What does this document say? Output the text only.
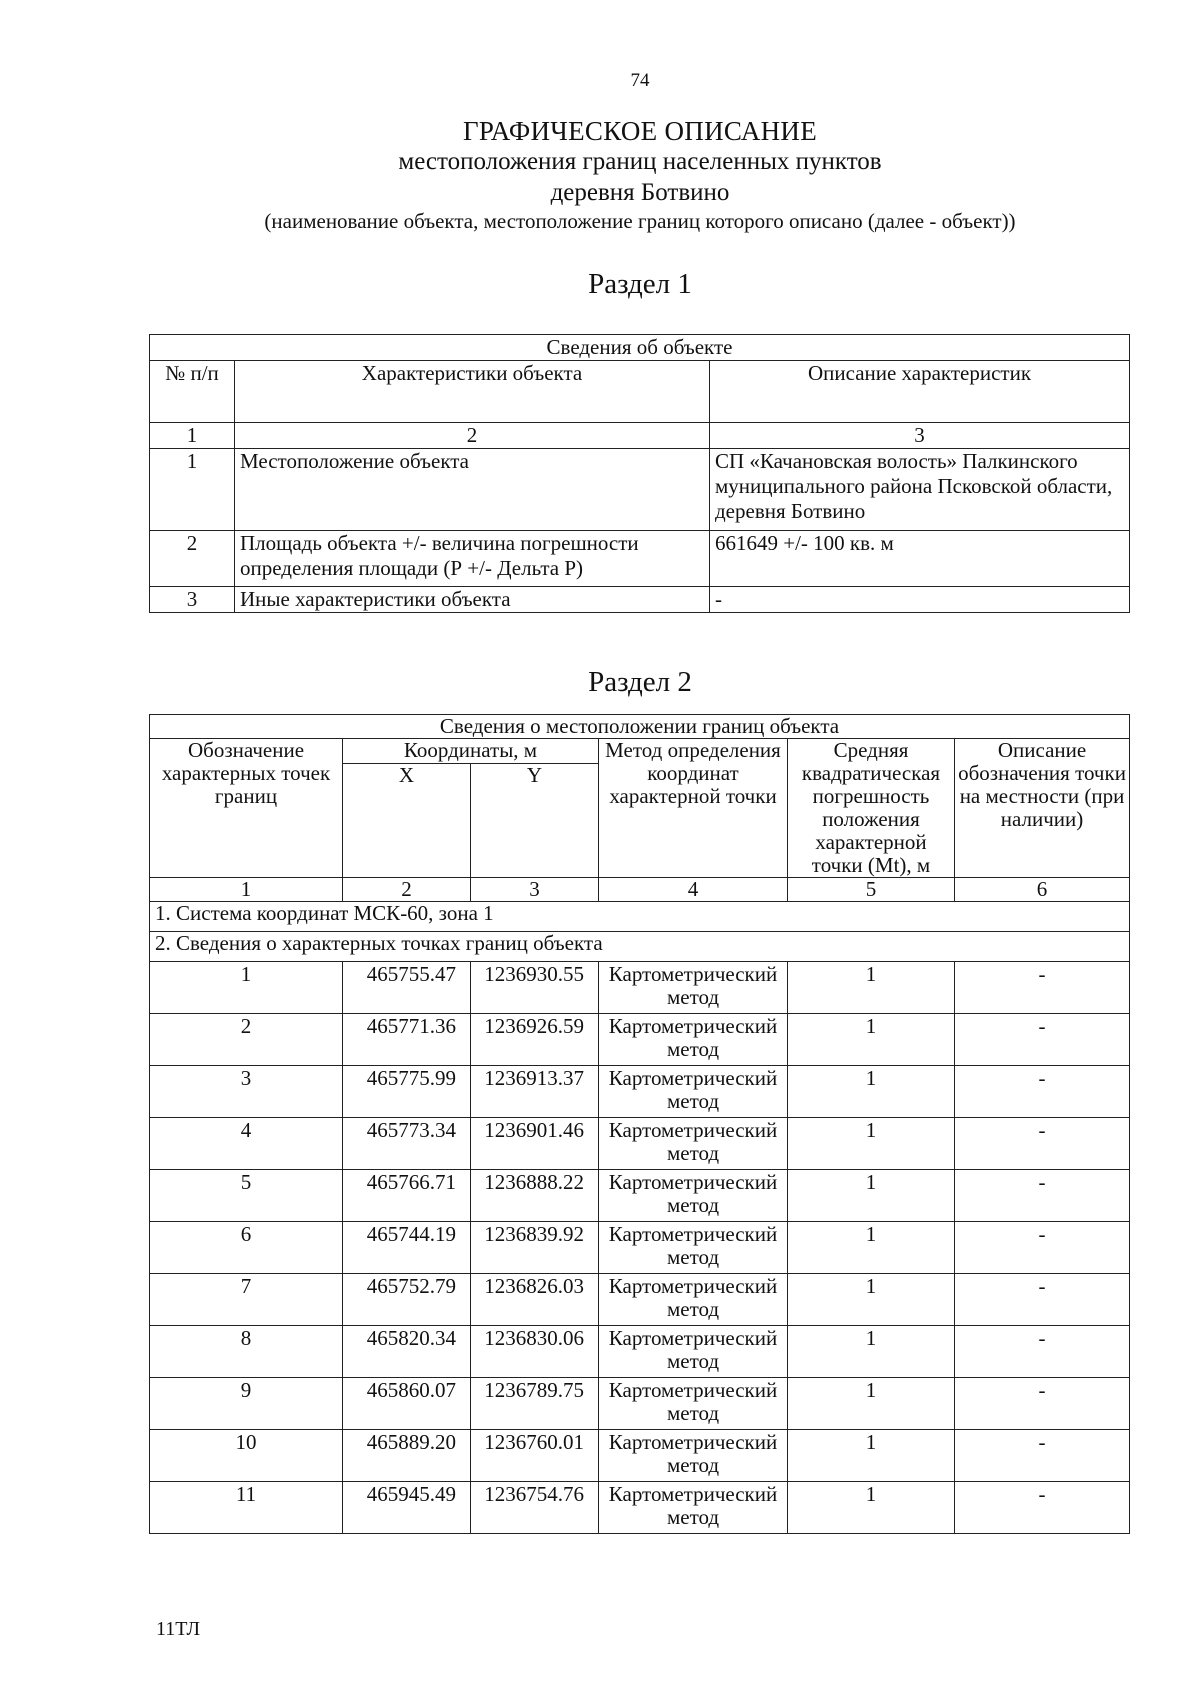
74
ГРАФИЧЕСКОЕ ОПИСАНИЕ
местоположения границ населенных пунктов
деревня Ботвино
(наименование объекта, местоположение границ которого описано (далее - объект))
Раздел 1
Сведения об объекте		
№ п/п	Характеристики объекта	Описание характеристик
1	2	3
1	Местоположение объекта	СП «Качановская волость» Палкинского муниципального района Псковской области, деревня Ботвино
2	Площадь объекта +/- величина погрешности определения площади (Р +/- Дельта Р)	661649 +/- 100 кв. м
3	Иные характеристики объекта	-
Раздел 2
Сведения о местоположении границ объекта					
Обозначение характерных точек границ	Координаты, м		Метод определения координат характерной точки	Средняя квадратическая погрешность положения характерной точки (Mt), м	Описание обозначения точки на местности (при наличии)
	X	Y			
1	2	3	4	5	6
1. Система координат МСК-60, зона 1					
2. Сведения о характерных точках границ объекта					
1	465755.47	1236930.55	Картометрический метод	1	-
2	465771.36	1236926.59	Картометрический метод	1	-
3	465775.99	1236913.37	Картометрический метод	1	-
4	465773.34	1236901.46	Картометрический метод	1	-
5	465766.71	1236888.22	Картометрический метод	1	-
6	465744.19	1236839.92	Картометрический метод	1	-
7	465752.79	1236826.03	Картометрический метод	1	-
8	465820.34	1236830.06	Картометрический метод	1	-
9	465860.07	1236789.75	Картометрический метод	1	-
10	465889.20	1236760.01	Картометрический метод	1	-
11	465945.49	1236754.76	Картометрический метод	1	-
11ТЛ
